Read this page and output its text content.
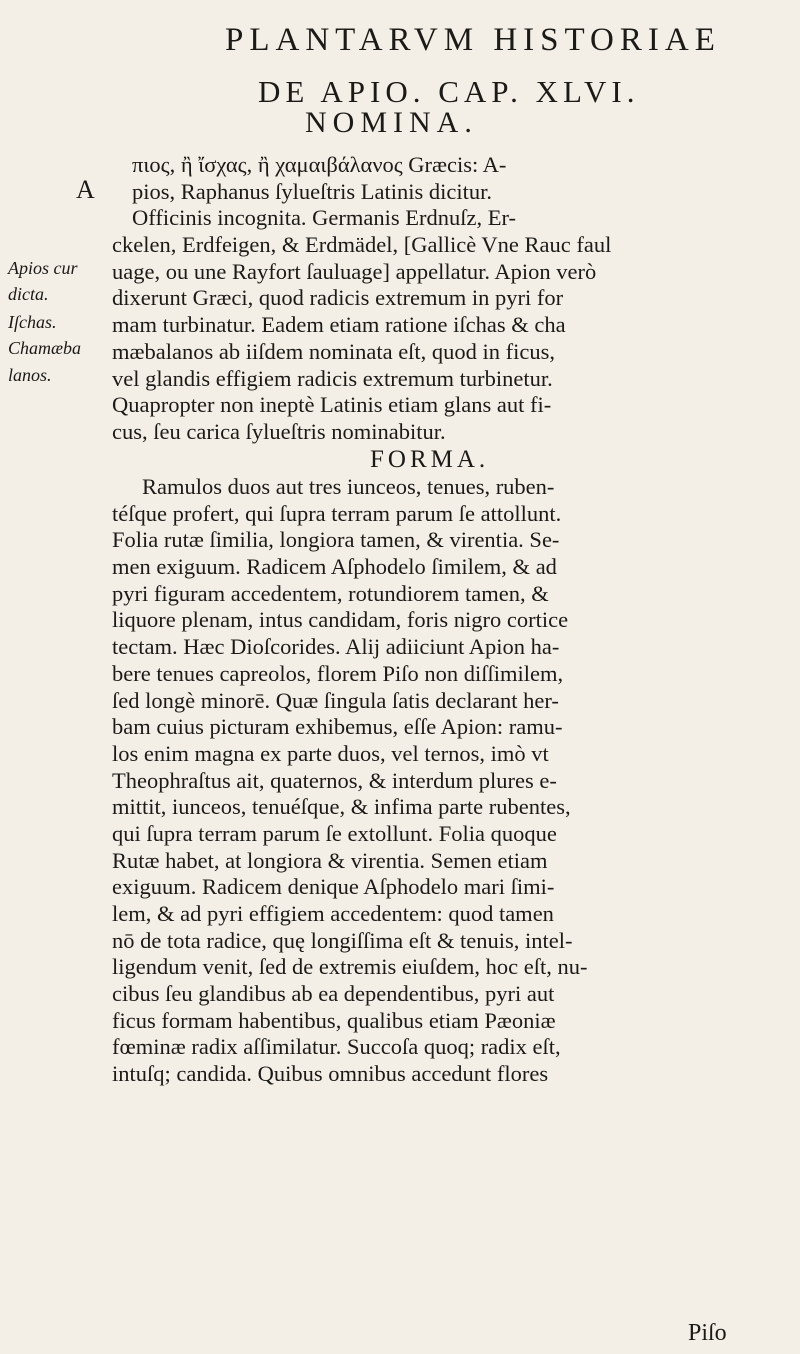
PLANTARVM HISTORIAE
DE APIO. CAP. XLVI.
NOMINA.
A
πιος, ἢ ἴσχας, ἢ χαμαιβάλανος Græcis: A-
pios, Raphanus ſylueſtris Latinis dicitur.
Officinis incognita. Germanis Erdnuſz, Er-
ckelen, Erdfeigen, & Erdmädel, [Gallicè Vne Rauc faul
uage, ou une Rayfort ſauluage] appellatur. Apion verò
dixerunt Græci, quod radicis extremum in pyri for
mam turbinatur. Eadem etiam ratione iſchas & cha
mæbalanos ab iiſdem nominata eſt, quod in ficus,
vel glandis effigiem radicis extremum turbinetur.
Quapropter non ineptè Latinis etiam glans aut fi-
cus, ſeu carica ſylueſtris nominabitur.
Apios cur
dicta.
Iſchas.
Chamæba
lanos.
FORMA.
Ramulos duos aut tres iunceos, tenues, ruben-
téſque profert, qui ſupra terram parum ſe attollunt.
Folia rutæ ſimilia, longiora tamen, & virentia. Se-
men exiguum. Radicem Aſphodelo ſimilem, & ad
pyri figuram accedentem, rotundiorem tamen, &
liquore plenam, intus candidam, foris nigro cortice
tectam. Hæc Dioſcorides. Alij adiiciunt Apion ha-
bere tenues capreolos, florem Piſo non diſſimilem,
ſed longè minorē. Quæ ſingula ſatis declarant her-
bam cuius picturam exhibemus, eſſe Apion: ramu-
los enim magna ex parte duos, vel ternos, imò vt
Theophraſtus ait, quaternos, & interdum plures e-
mittit, iunceos, tenuéſque, & infima parte rubentes,
qui ſupra terram parum ſe extollunt. Folia quoque
Rutæ habet, at longiora & virentia. Semen etiam
exiguum. Radicem denique Aſphodelo mari ſimi-
lem, & ad pyri effigiem accedentem: quod tamen
nō de tota radice, quę longiſſima eſt & tenuis, intel-
ligendum venit, ſed de extremis eiuſdem, hoc eſt, nu-
cibus ſeu glandibus ab ea dependentibus, pyri aut
ficus formam habentibus, qualibus etiam Pæoniæ
fœminæ radix aſſimilatur. Succoſa quoq; radix eſt,
intuſq; candida. Quibus omnibus accedunt flores
Piſo
